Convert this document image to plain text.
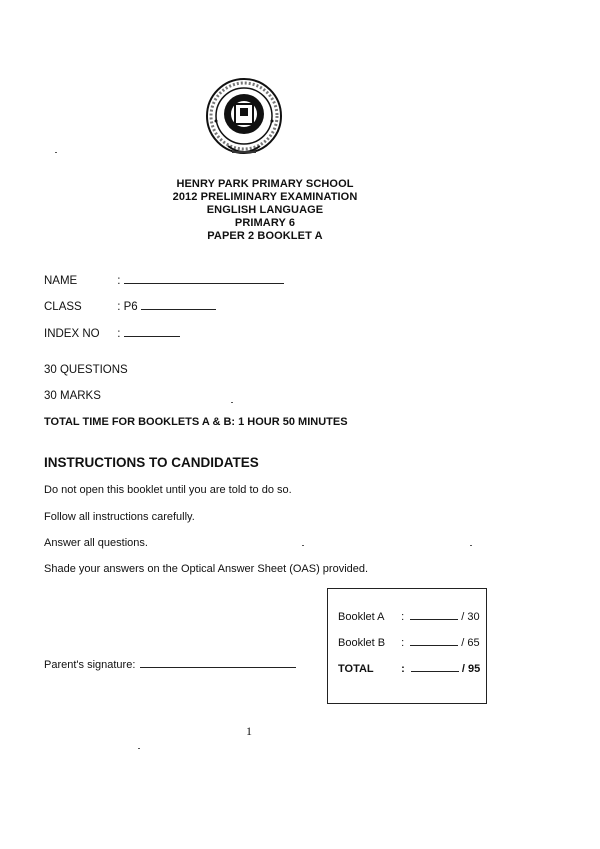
HENRY PARK PRIMARY SCHOOL
2012 PRELIMINARY EXAMINATION
ENGLISH LANGUAGE
PRIMARY 6
PAPER 2 BOOKLET A
NAME	:
CLASS	: P6
INDEX NO :
30 QUESTIONS
30 MARKS
TOTAL TIME FOR BOOKLETS A & B: 1 HOUR 50 MINUTES
INSTRUCTIONS TO CANDIDATES
Do not open this booklet until you are told to do so.
Follow all instructions carefully.
Answer all questions.
Shade your answers on the Optical Answer Sheet (OAS) provided.
Parent's signature:
Booklet A :	/ 30
Booklet B :	/ 65
TOTAL :	/ 95
1
